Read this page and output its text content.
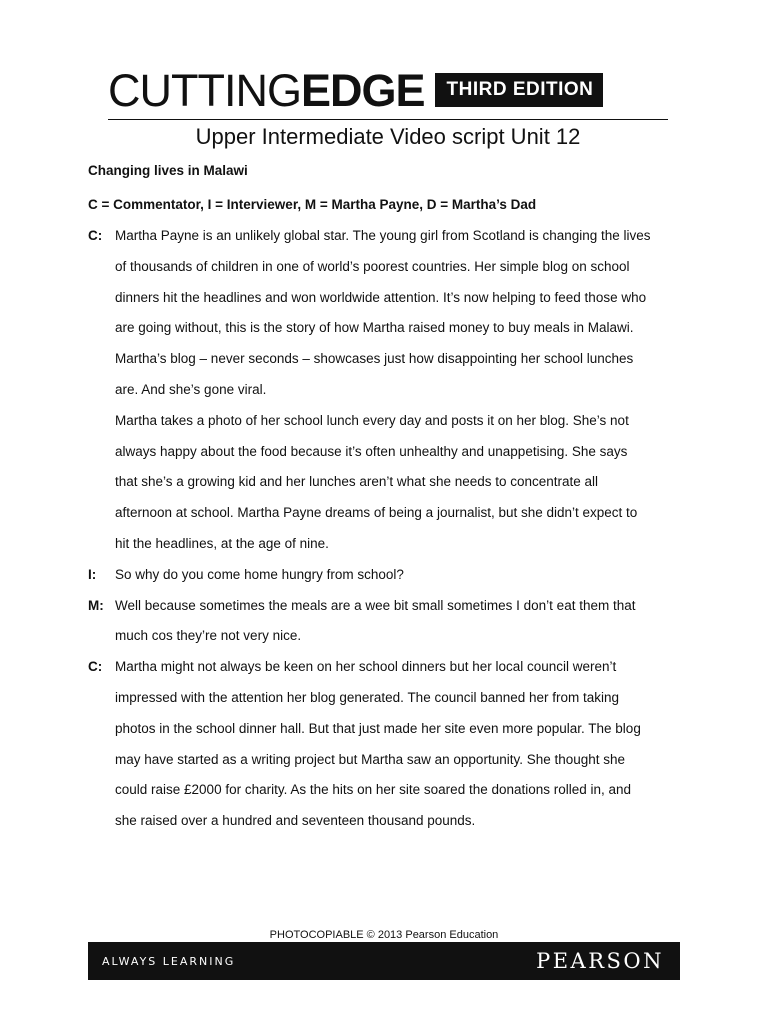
CUTTING EDGE	THIRD EDITION
Upper Intermediate Video script Unit 12
Changing lives in Malawi
C = Commentator, I = Interviewer, M = Martha Payne, D = Martha’s Dad
C: Martha Payne is an unlikely global star. The young girl from Scotland is changing the lives
of thousands of children in one of world’s poorest countries. Her simple blog on school
dinners hit the headlines and won worldwide attention. It’s now helping to feed those who
are going without, this is the story of how Martha raised money to buy meals in Malawi.
Martha’s blog – never seconds – showcases just how disappointing her school lunches
are. And she’s gone viral.
Martha takes a photo of her school lunch every day and posts it on her blog. She’s not
always happy about the food because it’s often unhealthy and unappetising. She says
that she’s a growing kid and her lunches aren’t what she needs to concentrate all
afternoon at school. Martha Payne dreams of being a journalist, but she didn’t expect to
hit the headlines, at the age of nine.
I:	So why do you come home hungry from school?
M: Well because sometimes the meals are a wee bit small sometimes I don’t eat them that
much cos they’re not very nice.
C: Martha might not always be keen on her school dinners but her local council weren’t
impressed with the attention her blog generated. The council banned her from taking
photos in the school dinner hall. But that just made her site even more popular. The blog
may have started as a writing project but Martha saw an opportunity. She thought she
could raise £2000 for charity. As the hits on her site soared the donations rolled in, and
she raised over a hundred and seventeen thousand pounds.
PHOTOCOPIABLE © 2013 Pearson Education
ALWAYS LEARNING	PEARSON
